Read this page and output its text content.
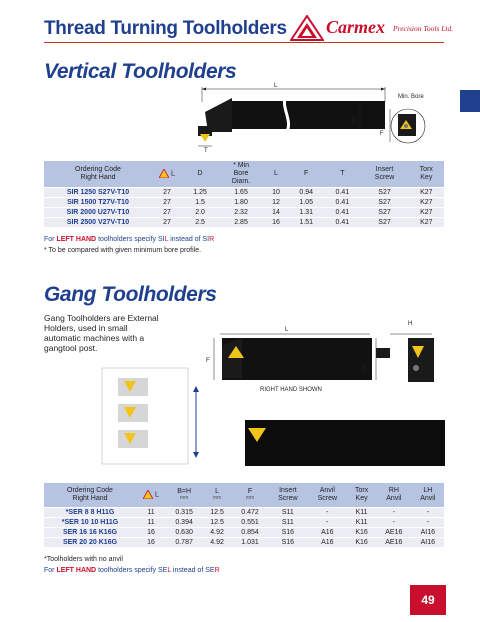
Thread Turning Toolholders Carmex Precision Tools Ltd.
Vertical Toolholders
L
D
F
T
Min. Bore
Ordering Code
Right Hand	L	D	* Min
Bore
Diam.	L	F	T	Insert
Screw	Torx
Key
SIR 1250 S27V-T10	27	1.25	1.65	10	0.94	0.41	S27	K27
SIR 1500 T27V-T10	27	1.5	1.80	12	1.05	0.41	S27	K27
SIR 2000 U27V-T10	27	2.0	2.32	14	1.31	0.41	S27	K27
SIR 2500 V27V-T10	27	2.5	2.85	16	1.51	0.41	S27	K27
For LEFT HAND toolholders specify SIL instead of SIR
* To be compared with given minimum bore profile.
Gang Toolholders
Gang Toolholders are External Holders, used in small automatic machines with a gangtool post.
L
H
F
B
RIGHT HAND SHOWN
Ordering Code
Right Hand	L	B=H
mm	L
mm	F
mm	Insert
Screw	Anvil
Screw	Torx
Key	RH
Anvil	LH
Anvil
*SER 8 8 H11G	11	0.315	12.5	0.472	S11	-	K11	-	-
*SER 10 10 H11G	11	0.394	12.5	0.551	S11	-	K11	-	-
SER 16 16 K16G	16	0.630	4.92	0.854	S16	A16	K16	AE16	AI16
SER 20 20 K16G	16	0.787	4.92	1.031	S16	A16	K16	AE16	AI16
*Toolholders with no anvil
For LEFT HAND toolholders specify SEL instead of SER
49
